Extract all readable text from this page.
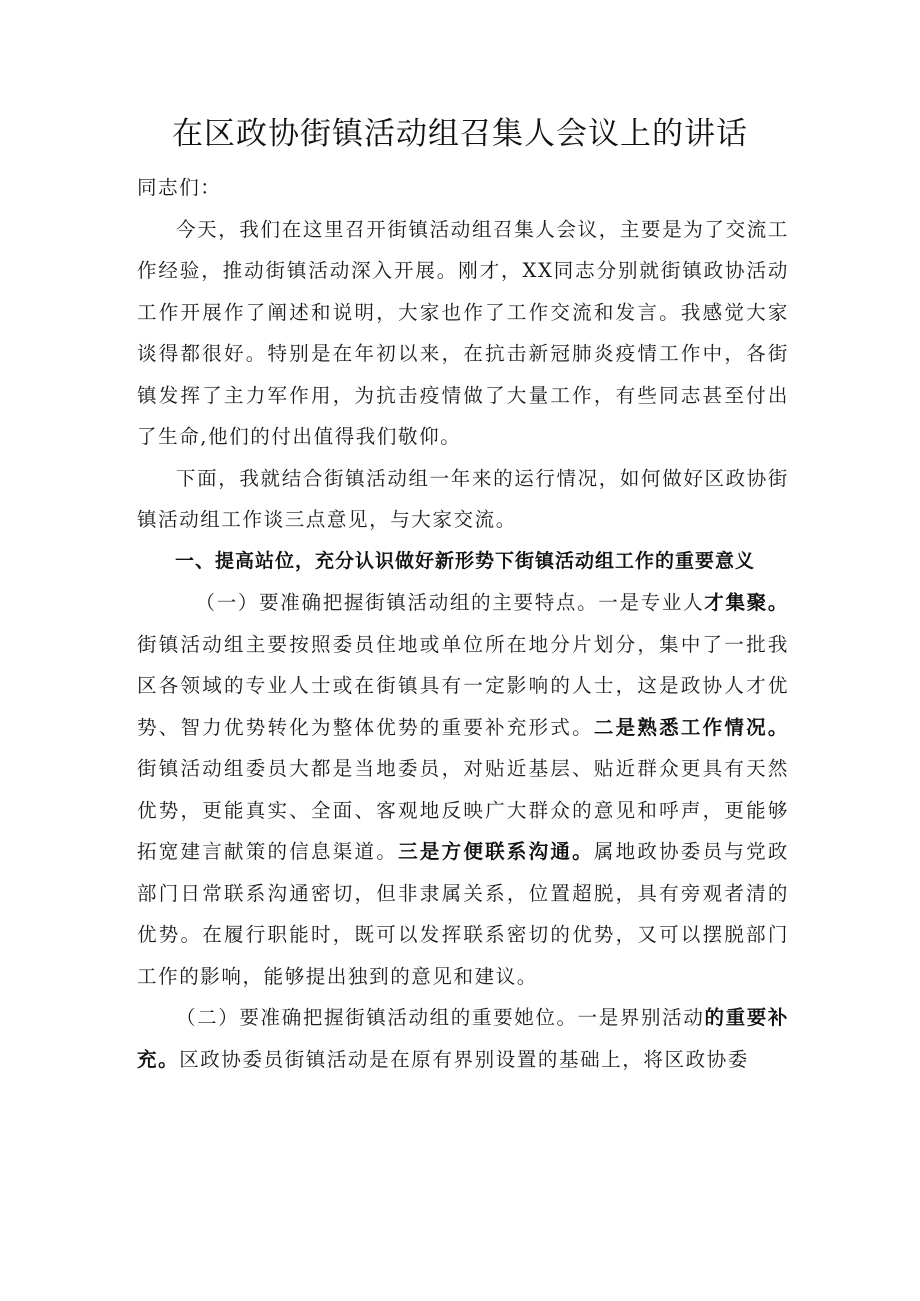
在区政协街镇活动组召集人会议上的讲话

同志们：

今天，我们在这里召开街镇活动组召集人会议，主要是为了交流工作经验，推动街镇活动深入开展。刚才，XX同志分别就街镇政协活动工作开展作了阐述和说明，大家也作了工作交流和发言。我感觉大家谈得都很好。特别是在年初以来，在抗击新冠肺炎疫情工作中，各街镇发挥了主力军作用，为抗击疫情做了大量工作，有些同志甚至付出了生命,他们的付出值得我们敬仰。

下面，我就结合街镇活动组一年来的运行情况，如何做好区政协街镇活动组工作谈三点意见，与大家交流。

一、提高站位，充分认识做好新形势下街镇活动组工作的重要意义

（一）要准确把握街镇活动组的主要特点。一是专业人才集聚。街镇活动组主要按照委员住地或单位所在地分片划分，集中了一批我区各领域的专业人士或在街镇具有一定影响的人士，这是政协人才优势、智力优势转化为整体优势的重要补充形式。二是熟悉工作情况。街镇活动组委员大都是当地委员，对贴近基层、贴近群众更具有天然优势，更能真实、全面、客观地反映广大群众的意见和呼声，更能够拓宽建言献策的信息渠道。三是方便联系沟通。属地政协委员与党政部门日常联系沟通密切，但非隶属关系，位置超脱，具有旁观者清的优势。在履行职能时，既可以发挥联系密切的优势，又可以摆脱部门工作的影响，能够提出独到的意见和建议。

（二）要准确把握街镇活动组的重要她位。一是界别活动的重要补充。区政协委员街镇活动是在原有界别设置的基础上，将区政协委
